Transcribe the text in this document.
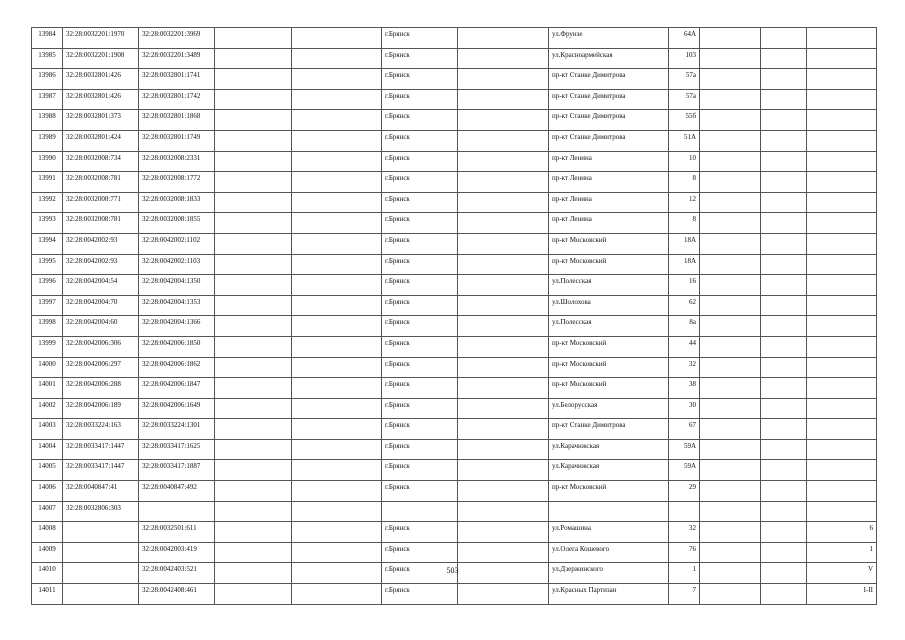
13984	32:28:0032201:1970	32:28:0032201:3969			г.Брянск		ул.Фрунзе	64А			
13985	32:28:0032201:1908	32:28:0032201:3489			г.Брянск		ул.Красноармейская	103			
13986	32:28:0032801:426	32:28:0032801:1741			г.Брянск		пр-кт Станке Димитрова	57а			
13987	32:28:0032801:426	32:28:0032801:1742			г.Брянск		пр-кт Станке Димитрова	57а			
13988	32:28:0032801:373	32:28:0032801:1868			г.Брянск		пр-кт Станке Димитрова	55б			
13989	32:28:0032801:424	32:28:0032801:1749			г.Брянск		пр-кт Станке Димитрова	51А			
13990	32:28:0032008:734	32:28:0032008:2331			г.Брянск		пр-кт Ленина	10			
13991	32:28:0032008:781	32:28:0032008:1772			г.Брянск		пр-кт Ленина	8			
13992	32:28:0032008:771	32:28:0032008:1833			г.Брянск		пр-кт Ленина	12			
13993	32:28:0032008:781	32:28:0032008:1855			г.Брянск		пр-кт Ленина	8			
13994	32:28:0042002:93	32:28:0042002:1102			г.Брянск		пр-кт Московский	18А			
13995	32:28:0042002:93	32:28:0042002:1103			г.Брянск		пр-кт Московский	18А			
13996	32:28:0042004:54	32:28:0042004:1350			г.Брянск		ул.Полесская	16			
13997	32:28:0042004:70	32:28:0042004:1353			г.Брянск		ул.Шолохова	62			
13998	32:28:0042004:60	32:28:0042004:1366			г.Брянск		ул.Полесская	8а			
13999	32:28:0042006:306	32:28:0042006:1850			г.Брянск		пр-кт Московский	44			
14000	32:28:0042006:297	32:28:0042006:1862			г.Брянск		пр-кт Московский	32			
14001	32:28:0042006:288	32:28:0042006:1847			г.Брянск		пр-кт Московский	38			
14002	32:28:0042006:189	32:28:0042006:1649			г.Брянск		ул.Белорусская	30			
14003	32:28:0033224:163	32:28:0033224:1301			г.Брянск		пр-кт Станке Димитрова	67			
14004	32:28:0033417:1447	32:28:0033417:1625			г.Брянск		ул.Карачижская	59А			
14005	32:28:0033417:1447	32:28:0033417:1887			г.Брянск		ул.Карачижская	59А			
14006	32:28:0040847:41	32:28:0040847:492			г.Брянск		пр-кт Московский	29			
14007	32:28:0032806:303										
14008		32:28:0032501:611			г.Брянск		ул.Ромашина	32			6
14009		32:28:0042003:419			г.Брянск		ул.Олега Кошевого	76			1
14010		32:28:0042403:521			г.Брянск		ул.Дзержинского	1			V
14011		32:28:0042408:461			г.Брянск		ул.Красных Партизан	7			I-II
503
